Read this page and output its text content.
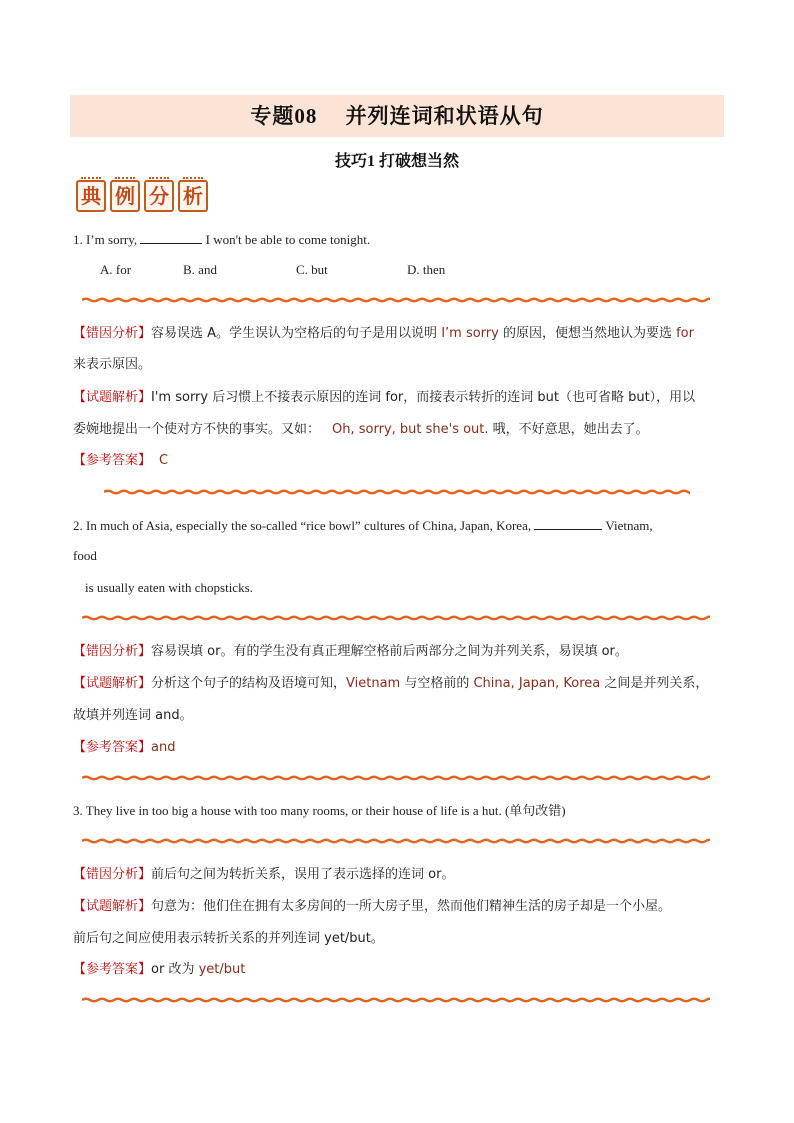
专题08　 并列连词和状语从句
技巧1 打破想当然
典 例 分 析
1. I’m sorry,	I won't be able to come tonight.
A. for	B. and	C. but	D. then
【错因分析】容易误选 A。学生误认为空格后的句子是用以说明 I’m sorry 的原因，便想当然地认为要选 for
来表示原因。
【试题解析】I'm sorry 后习惯上不接表示原因的连词 for，而接表示转折的连词 but（也可省略 but），用以
委婉地提出一个使对方不快的事实。又如： Oh, sorry, but she's out. 哦，不好意思，她出去了。
【参考答案】 C
2. In much of Asia, especially the so-called “rice bowl” cultures of China, Japan, Korea,	Vietnam,
food
is usually eaten with chopsticks.
【错因分析】容易误填 or。有的学生没有真正理解空格前后两部分之间为并列关系，易误填 or。
【试题解析】分析这个句子的结构及语境可知，Vietnam 与空格前的 China, Japan, Korea 之间是并列关系，
故填并列连词 and。
【参考答案】and
3. They live in too big a house with too many rooms, or their house of life is a hut. (单句改错)
【错因分析】前后句之间为转折关系，误用了表示选择的连词 or。
【试题解析】句意为：他们住在拥有太多房间的一所大房子里，然而他们精神生活的房子却是一个小屋。
前后句之间应使用表示转折关系的并列连词 yet/but。
【参考答案】or 改为 yet/but
